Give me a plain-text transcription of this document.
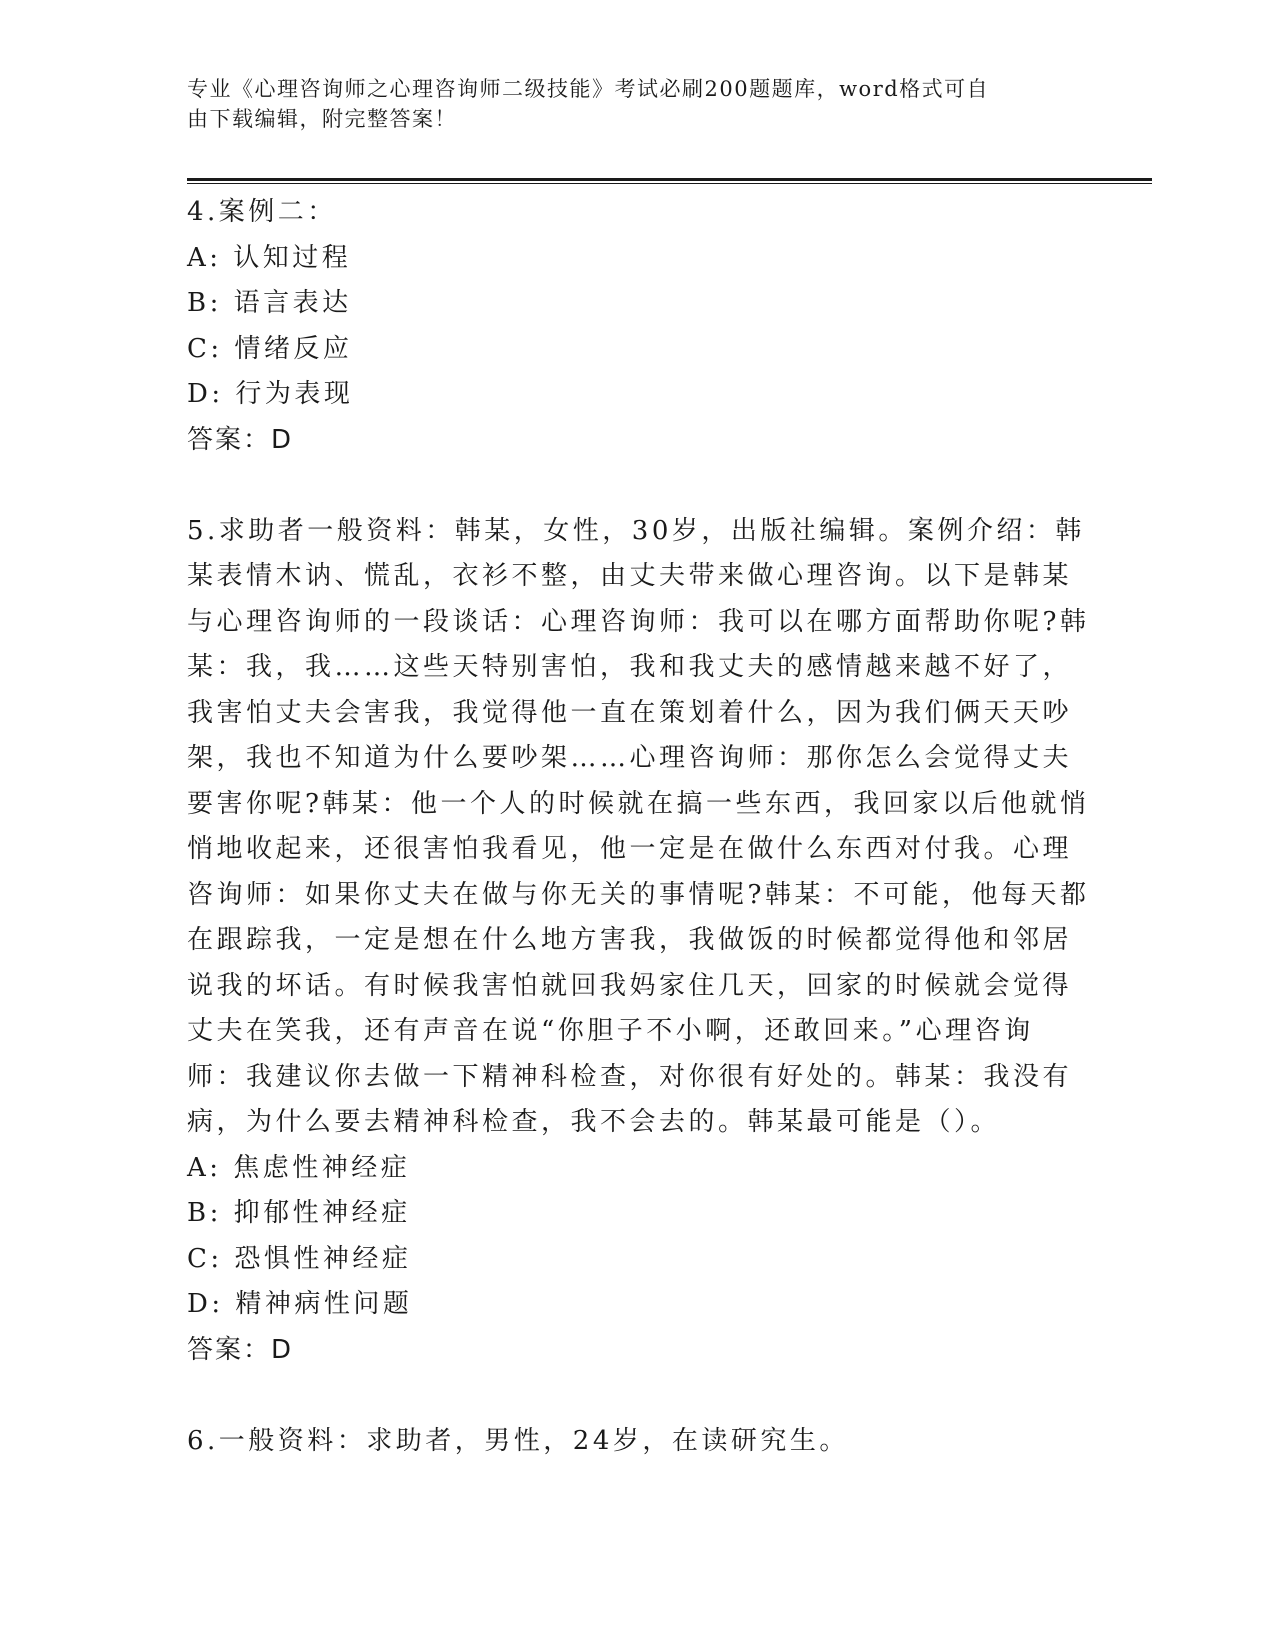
专业《心理咨询师之心理咨询师二级技能》考试必刷200题题库，word格式可自
由下载编辑，附完整答案！
4.案例二：
A: 认知过程
B: 语言表达
C: 情绪反应
D: 行为表现
答案：D
5.求助者一般资料：韩某，女性，30岁，出版社编辑。案例介绍：韩
某表情木讷、慌乱，衣衫不整，由丈夫带来做心理咨询。以下是韩某
与心理咨询师的一段谈话：心理咨询师：我可以在哪方面帮助你呢?韩
某：我，我……这些天特别害怕，我和我丈夫的感情越来越不好了，
我害怕丈夫会害我，我觉得他一直在策划着什么，因为我们俩天天吵
架，我也不知道为什么要吵架……心理咨询师：那你怎么会觉得丈夫
要害你呢?韩某：他一个人的时候就在搞一些东西，我回家以后他就悄
悄地收起来，还很害怕我看见，他一定是在做什么东西对付我。心理
咨询师：如果你丈夫在做与你无关的事情呢?韩某：不可能，他每天都
在跟踪我，一定是想在什么地方害我，我做饭的时候都觉得他和邻居
说我的坏话。有时候我害怕就回我妈家住几天，回家的时候就会觉得
丈夫在笑我，还有声音在说“你胆子不小啊，还敢回来。”心理咨询
师：我建议你去做一下精神科检查，对你很有好处的。韩某：我没有
病，为什么要去精神科检查，我不会去的。韩某最可能是（）。
A: 焦虑性神经症
B: 抑郁性神经症
C: 恐惧性神经症
D: 精神病性问题
答案：D
6.一般资料：求助者，男性，24岁，在读研究生。
